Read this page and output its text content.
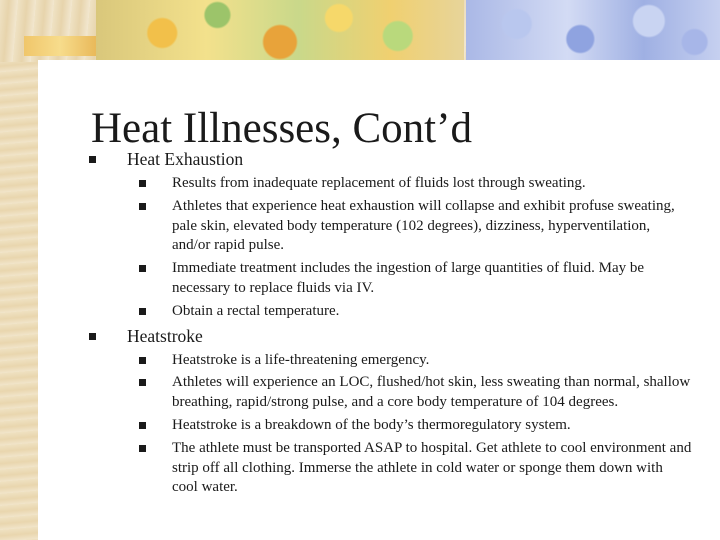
Heat Illnesses, Cont’d
Heat Exhaustion
Results from inadequate replacement of fluids lost through sweating.
Athletes that experience heat exhaustion will collapse and exhibit profuse sweating, pale skin, elevated body temperature (102 degrees), dizziness, hyperventilation, and/or rapid pulse.
Immediate treatment includes the ingestion of large quantities of fluid. May be necessary to replace fluids via IV.
Obtain a rectal temperature.
Heatstroke
Heatstroke is a life-threatening emergency.
Athletes will experience an LOC, flushed/hot skin, less sweating than normal, shallow breathing, rapid/strong pulse, and a core body temperature of 104 degrees.
Heatstroke is a breakdown of the body’s thermoregulatory system.
The athlete must be transported ASAP to hospital. Get athlete to cool environment and strip off all clothing. Immerse the athlete in cold water or sponge them down with cool water.
